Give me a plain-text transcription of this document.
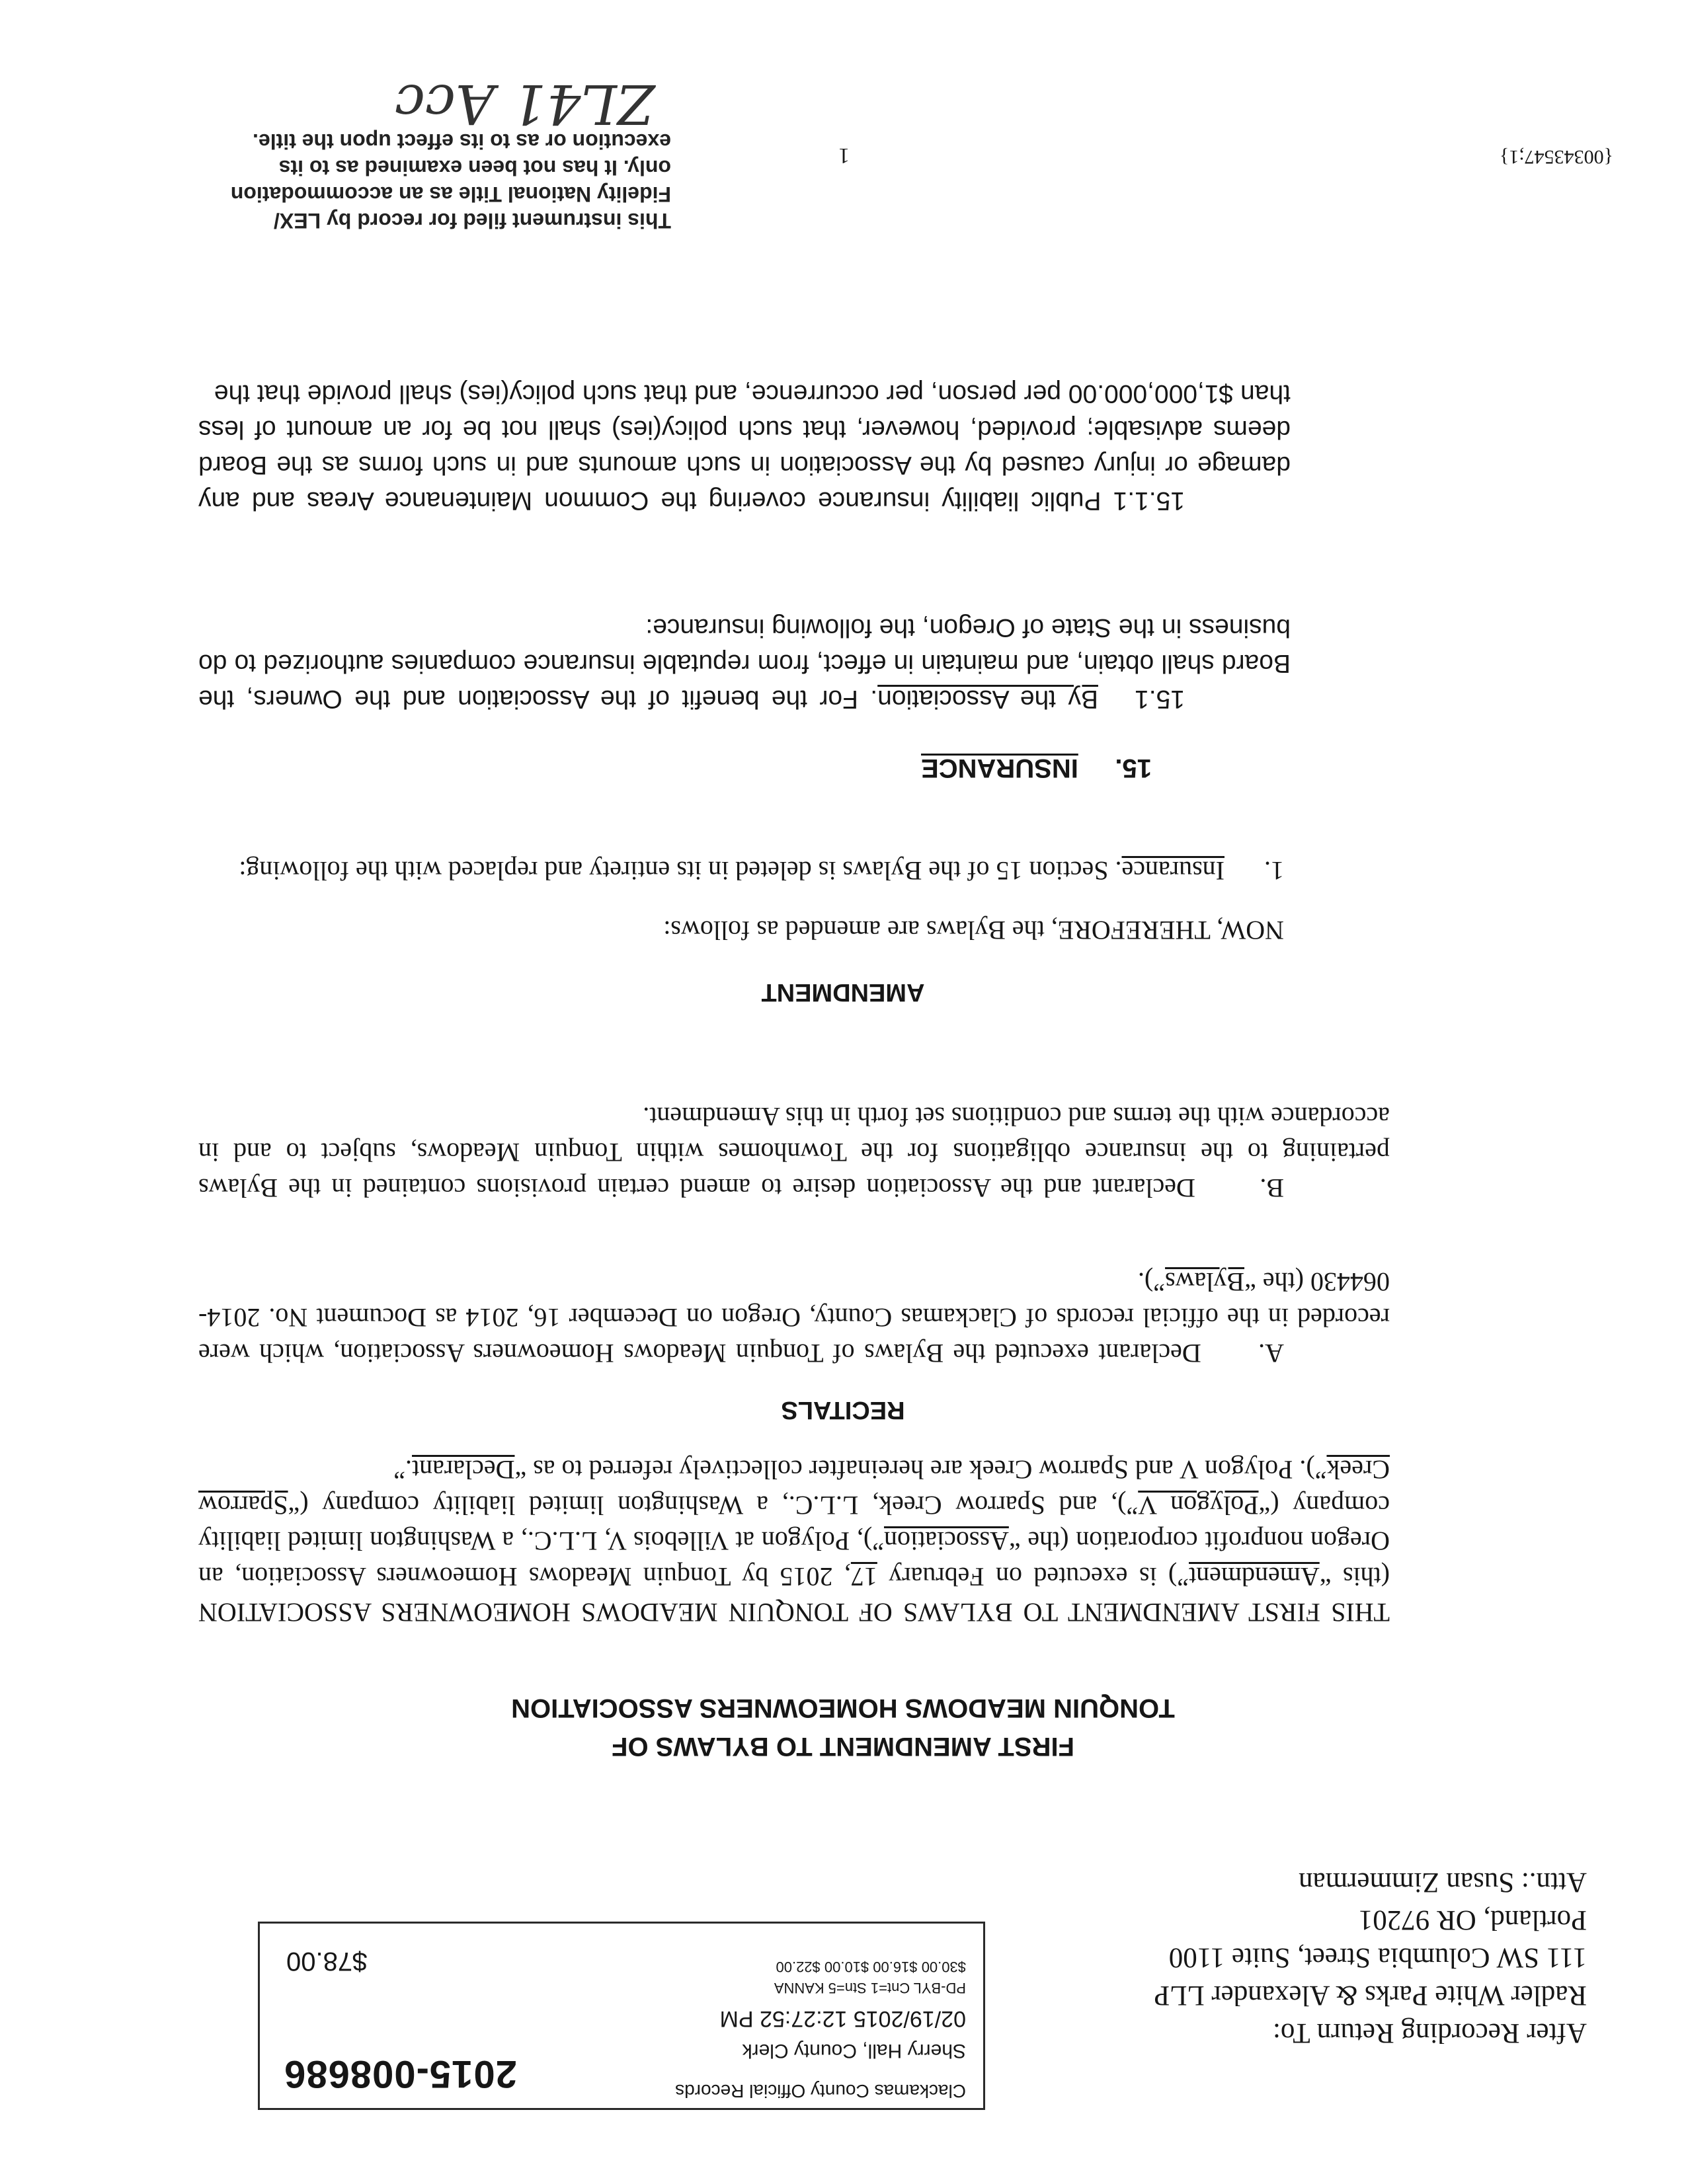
After Recording Return To:
Radler White Parks & Alexander LLP
111 SW Columbia Street, Suite 1100
Portland, OR 97201
Attn.: Susan Zimmerman
Clackamas County Official Records
2015-008686
Sherry Hall, County Clerk
02/19/2015 12:27:52 PM
PD-BYL Cnt=1 Stn=5 KANNA
$30.00 $16.00 $10.00 $22.00
$78.00
FIRST AMENDMENT TO BYLAWS OF
TONQUIN MEADOWS HOMEOWNERS ASSOCIATION
THIS FIRST AMENDMENT TO BYLAWS OF TONQUIN MEADOWS HOMEOWNERS ASSOCIATION (this “Amendment”) is executed on February 17, 2015 by Tonquin Meadows Homeowners Association, an Oregon nonprofit corporation (the “Association”), Polygon at Villebois V, L.L.C., a Washington limited liability company (“Polygon V”), and Sparrow Creek, L.L.C., a Washington limited liability company (“Sparrow Creek”). Polygon V and Sparrow Creek are hereinafter collectively referred to as “Declarant.”
RECITALS
A.      Declarant executed the Bylaws of Tonquin Meadows Homeowners Association, which were recorded in the official records of Clackamas County, Oregon on December 16, 2014 as Document No. 2014-064430 (the “Bylaws”).
B.      Declarant and the Association desire to amend certain provisions contained in the Bylaws pertaining to the insurance obligations for the Townhomes within Tonquin Meadows, subject to and in accordance with the terms and conditions set forth in this Amendment.
AMENDMENT
NOW, THEREFORE, the Bylaws are amended as follows:
1.      Insurance. Section 15 of the Bylaws is deleted in its entirety and replaced with the following:
15.     INSURANCE
15.1   By the Association. For the benefit of the Association and the Owners, the Board shall obtain, and maintain in effect, from reputable insurance companies authorized to do business in the State of Oregon, the following insurance:
15.1.1 Public liability insurance covering the Common Maintenance Areas and any damage or injury caused by the Association in such amounts and in such forms as the Board deems advisable; provided, however, that such policy(ies) shall not be for an amount of less than $1,000,000.00 per person, per occurrence, and that such policy(ies) shall provide that the
{00343547;1}
1
This instrument filed for record by LEX/ Fidelity National Title as an accommodation only. It has not been examined as to its execution or as to its effect upon the title.
ZL41 Acc
